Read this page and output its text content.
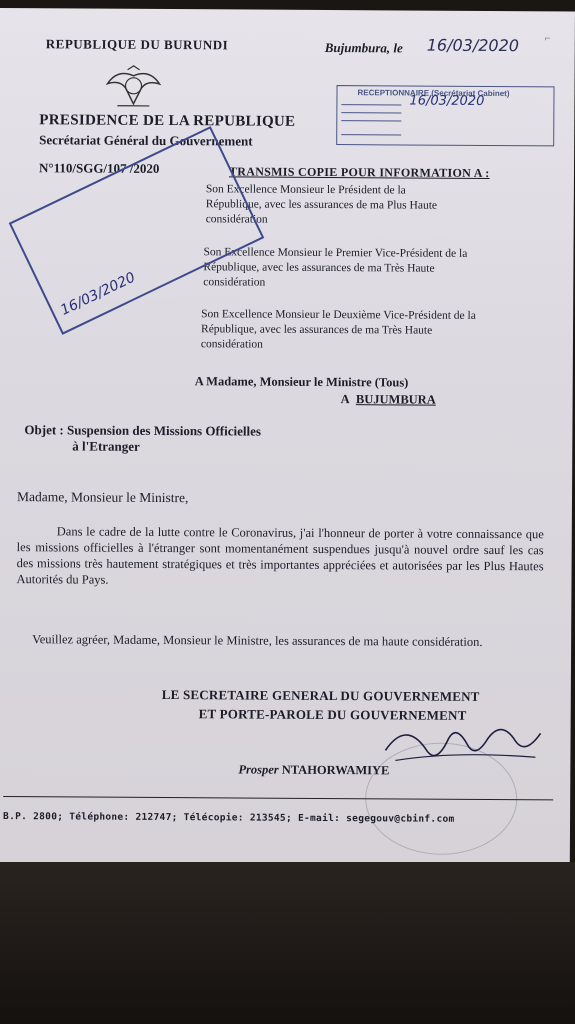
REPUBLIQUE DU BURUNDI	Bujumbura, le 16/03/2020	⌐
PRESIDENCE DE LA REPUBLIQUE
Secrétariat Général du Gouvernement
N°110/SGG/107 /2020
RECEPTIONNAIRE (Secrétariat Cabinet)
16/03/2020
TRANSMIS COPIE POUR INFORMATION A :
Son Excellence Monsieur le Président de la République, avec les assurances de ma Plus Haute considération
Son Excellence Monsieur le Premier Vice-Président de la République, avec les assurances de ma Très Haute considération
Son Excellence Monsieur le Deuxième Vice-Président de la République, avec les assurances de ma Très Haute considération
16/03/2020
A Madame, Monsieur le Ministre (Tous)
A BUJUMBURA
Objet : Suspension des Missions Officielles
à l'Etranger
Madame, Monsieur le Ministre,
Dans le cadre de la lutte contre le Coronavirus, j'ai l'honneur de porter à votre connaissance que les missions officielles à l'étranger sont momentanément suspendues jusqu'à nouvel ordre sauf les cas des missions très hautement stratégiques et très importantes appréciées et autorisées par les Plus Hautes Autorités du Pays.
Veuillez agréer, Madame, Monsieur le Ministre, les assurances de ma haute considération.
LE SECRETAIRE GENERAL DU GOUVERNEMENT
ET PORTE-PAROLE DU GOUVERNEMENT
Prosper NTAHORWAMIYE
B.P. 2800; Téléphone: 212747; Télécopie: 213545; E-mail: segegouv@cbinf.com
